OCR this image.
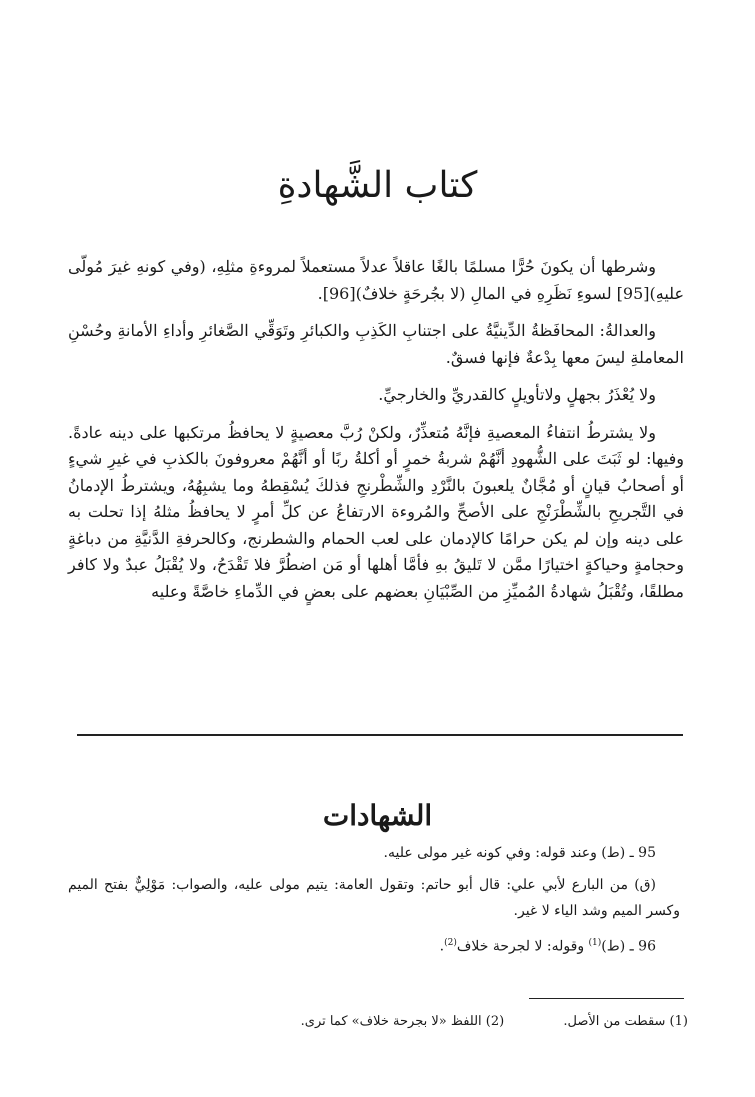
كتاب الشَّهادةِ

وشرطها أن يكونَ حُرًّا مسلمًا بالغًا عاقلاً عدلاً مستعملاً لمروءةِ مثلِهِ، (وفي كونهِ غيرَ مُولّى عليهِ)[95] لسوءِ نَظَرِهِ في المالِ (لا بجُرحَةٍ خلافٌ)[96].

والعدالةُ: المحافَظةُ الدِّينيَّةُ على اجتنابِ الكَذِبِ والكبائرِ وتَوَقِّي الصَّغائرِ وأداءِ الأمانةِ وحُسْنِ المعاملةِ ليسَ معها بِدْعةٌ فإنها فسقٌ.

ولا يُعْذَرُ بجهلٍ ولاتأويلٍ كالقدريِّ والخارجيِّ.

ولا يشترطُ انتفاءُ المعصيةِ فإنَّهُ مُتعذِّرٌ، ولكنْ رُبَّ معصيةٍ لا يحافظُ مرتكبها على دينه عادةً. وفيها: لو ثَبَتَ على الشُّهودِ أنَّهُمْ شربةُ خمرٍ أو أكلةُ ربًا أو أنَّهُمْ معروفونَ بالكذبِ في غيرِ شيءٍ أو أصحابُ قيانٍ أو مُجَّانٌ يلعبونَ بالنَّرْدِ والشِّطْرنجِ فذلكَ يُسْقِطهُ وما يشبِهُهُ، ويشترطُ الإدمانُ في التَّجريحِ بالشِّطْرَنْجِ على الأصحِّ والمُروءة الارتفاعُ عن كلِّ أمرٍ لا يحافظُ مثلهُ إذا تحلت به على دينه وإن لم يكن حرامًا كالإدمان على لعب الحمام والشطرنج، وكالحرفةِ الدَّنيَّةِ من دباغةٍ وحجامةٍ وحياكةٍ اختيارًا ممَّن لا تَليقُ بهِ فأمَّا أهلها أو مَن اضطُرَّ فلا تَقْدَحُ، ولا يُقْبَلُ عبدٌ ولا كافر مطلقًا، وتُقْبَلُ شهادةُ المُميِّزِ من الصِّبْيَانِ بعضهم على بعضٍ في الدِّماءِ خاصَّةً وعليه

الشهادات

95 ـ (ط) وعند قوله: وفي كونه غير مولى عليه.

(ق) من البارع لأبي علي: قال أبو حاتم: وتقول العامة: يتيم مولى عليه، والصواب: مَوْلِيٌّ بفتح الميم وكسر الميم وشد الياء لا غير.

96 ـ (ط)$^{(1)}$ وقوله: لا لجرحة خلاف$^{(2)}$.

(1) سقطت من الأصل. (2) اللفظ «لا بجرحة خلاف» كما ترى.
